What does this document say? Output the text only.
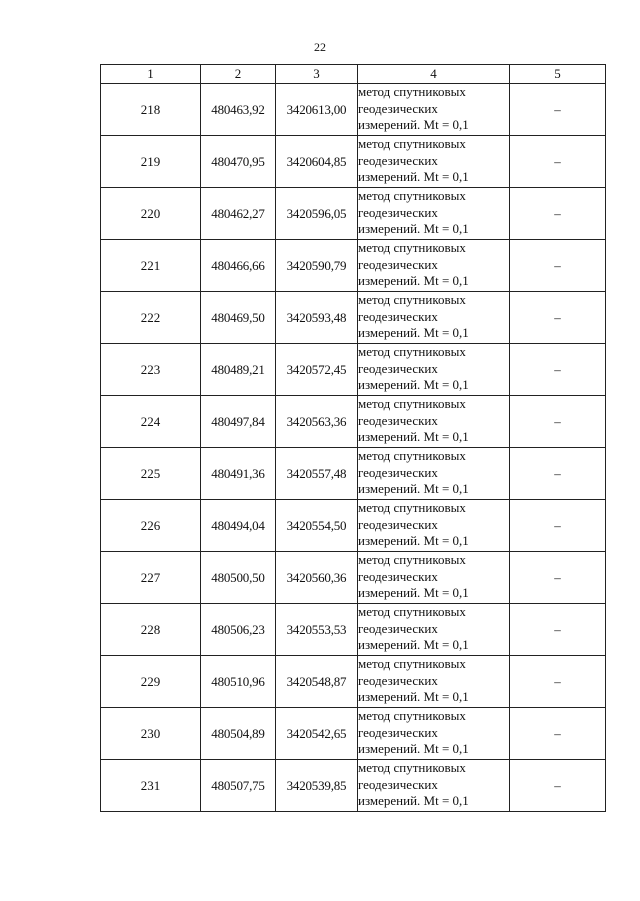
22
1	2	3	4	5
218	480463,92	3420613,00	метод спутниковых
геодезических
измерений. Mt = 0,1	–
219	480470,95	3420604,85	метод спутниковых
геодезических
измерений. Mt = 0,1	–
220	480462,27	3420596,05	метод спутниковых
геодезических
измерений. Mt = 0,1	–
221	480466,66	3420590,79	метод спутниковых
геодезических
измерений. Mt = 0,1	–
222	480469,50	3420593,48	метод спутниковых
геодезических
измерений. Mt = 0,1	–
223	480489,21	3420572,45	метод спутниковых
геодезических
измерений. Mt = 0,1	–
224	480497,84	3420563,36	метод спутниковых
геодезических
измерений. Mt = 0,1	–
225	480491,36	3420557,48	метод спутниковых
геодезических
измерений. Mt = 0,1	–
226	480494,04	3420554,50	метод спутниковых
геодезических
измерений. Mt = 0,1	–
227	480500,50	3420560,36	метод спутниковых
геодезических
измерений. Mt = 0,1	–
228	480506,23	3420553,53	метод спутниковых
геодезических
измерений. Mt = 0,1	–
229	480510,96	3420548,87	метод спутниковых
геодезических
измерений. Mt = 0,1	–
230	480504,89	3420542,65	метод спутниковых
геодезических
измерений. Mt = 0,1	–
231	480507,75	3420539,85	метод спутниковых
геодезических
измерений. Mt = 0,1	–
